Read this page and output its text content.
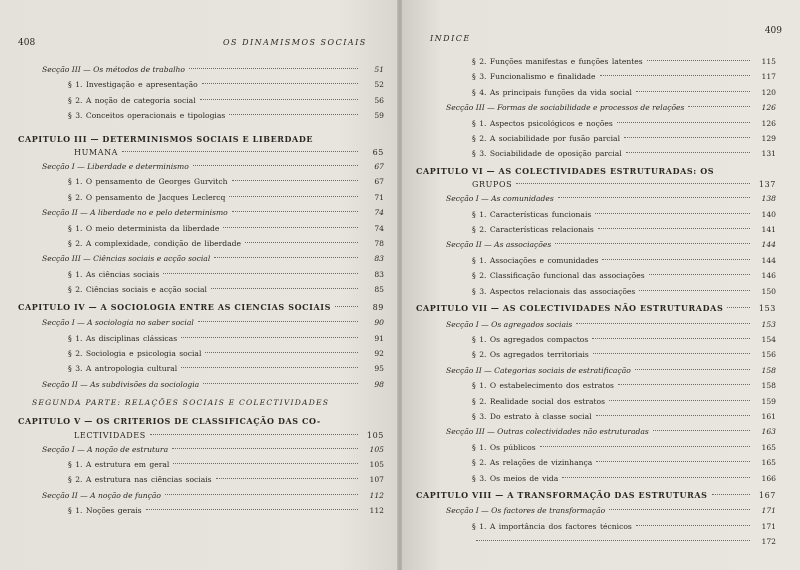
408	OS DINAMISMOS SOCIAIS
Secção III — Os métodos de trabalho	51
§ 1. Investigação e apresentação	52
§ 2. A noção de categoria social	56
§ 3. Conceitos operacionais e tipologias	59
CAPITULO III — DETERMINISMOS SOCIAIS E LIBERDADE
HUMANA	65
Secção I — Liberdade e determinismo	67
§ 1. O pensamento de Georges Gurvitch	67
§ 2. O pensamento de Jacques Leclercq	71
Secção II — A liberdade no e pelo determinismo	74
§ 1. O meio determinista da liberdade	74
§ 2. A complexidade, condição de liberdade	78
Secção III — Ciências sociais e acção social	83
§ 1. As ciências sociais	83
§ 2. Ciências sociais e acção social	85
CAPITULO IV — A SOCIOLOGIA ENTRE AS CIENCIAS SOCIAIS	89
Secção I — A sociologia no saber social	90
§ 1. As disciplinas clássicas	91
§ 2. Sociologia e psicologia social	92
§ 3. A antropologia cultural	95
Secção II — As subdivisões da sociologia	98
SEGUNDA PARTE: RELAÇÕES SOCIAIS E COLECTIVIDADES
CAPITULO V — OS CRITERIOS DE CLASSIFICAÇÃO DAS CO-
LECTIVIDADES	105
Secção I — A noção de estrutura	105
§ 1. A estrutura em geral	105
§ 2. A estrutura nas ciências sociais	107
Secção II — A noção de função	112
§ 1. Noções gerais	112
INDICE
409
§ 2. Funções manifestas e funções latentes	115
§ 3. Funcionalismo e finalidade	117
§ 4. As principais funções da vida social	120
Secção III — Formas de sociabilidade e processos de relações	126
§ 1. Aspectos psicológicos e noções	126
§ 2. A sociabilidade por fusão parcial	129
§ 3. Sociabilidade de oposição parcial	131
CAPITULO VI — AS COLECTIVIDADES ESTRUTURADAS: OS
GRUPOS	137
Secção I — As comunidades	138
§ 1. Características funcionais	140
§ 2. Características relacionais	141
Secção II — As associações	144
§ 1. Associações e comunidades	144
§ 2. Classificação funcional das associações	146
§ 3. Aspectos relacionais das associações	150
CAPITULO VII — AS COLECTIVIDADES NÃO ESTRUTURADAS	153
Secção I — Os agregados sociais	153
§ 1. Os agregados compactos	154
§ 2. Os agregados territoriais	156
Secção II — Categorias sociais de estratificação	158
§ 1. O estabelecimento dos estratos	158
§ 2. Realidade social dos estratos	159
§ 3. Do estrato à classe social	161
Secção III — Outras colectividades não estruturadas	163
§ 1. Os públicos	165
§ 2. As relações de vizinhança	165
§ 3. Os meios de vida	166
CAPITULO VIII — A TRANSFORMAÇÃO DAS ESTRUTURAS	167
Secção I — Os factores de transformação	171
§ 1. A importância dos factores técnicos	171
172
